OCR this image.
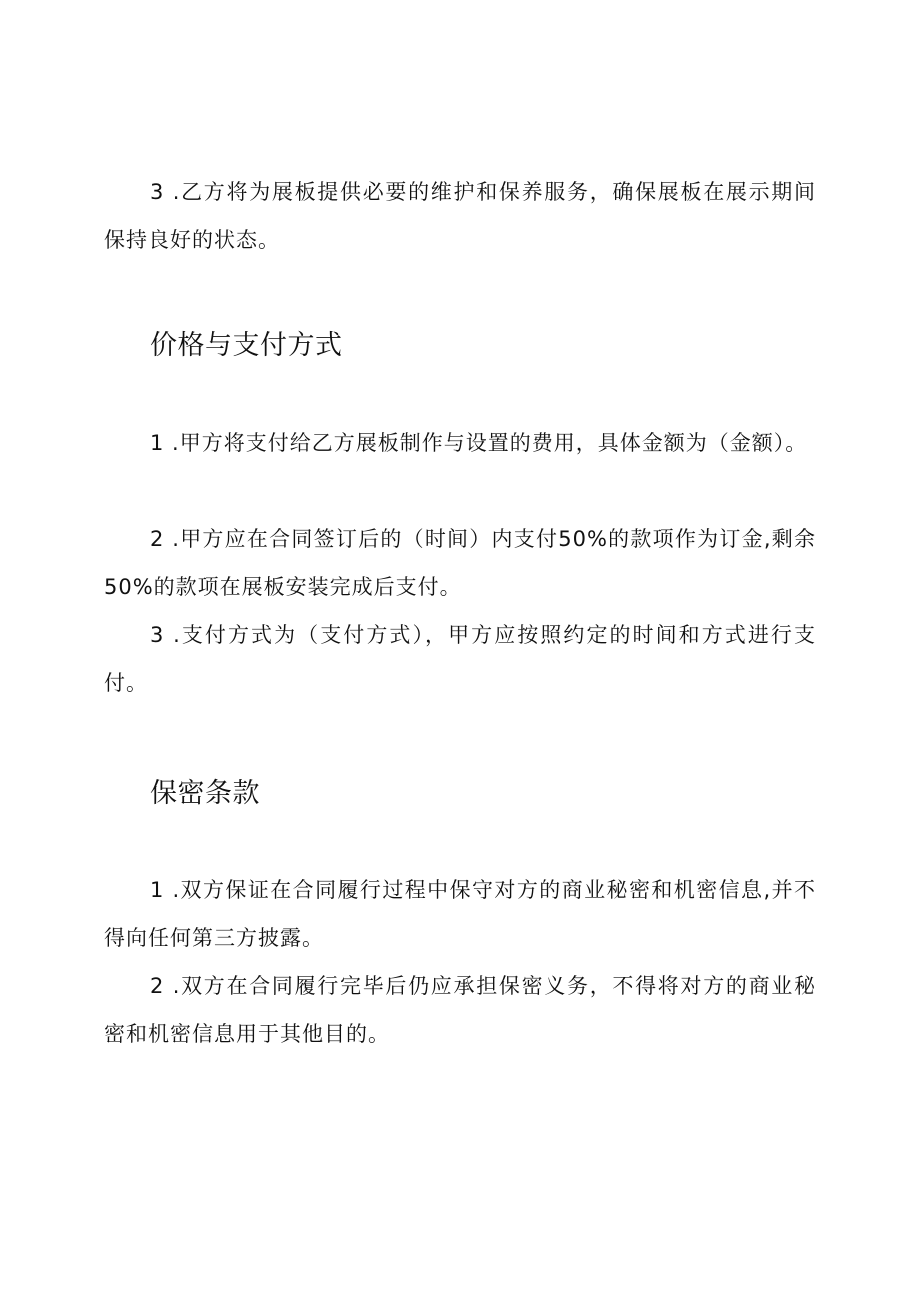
3 .乙方将为展板提供必要的维护和保养服务，确保展板在展示期间保持良好的状态。

价格与支付方式

1 .甲方将支付给乙方展板制作与设置的费用，具体金额为（金额）。

2 .甲方应在合同签订后的（时间）内支付50%的款项作为订金,剩余50%的款项在展板安装完成后支付。

3 .支付方式为（支付方式），甲方应按照约定的时间和方式进行支付。

保密条款

1 .双方保证在合同履行过程中保守对方的商业秘密和机密信息,并不得向任何第三方披露。

2 .双方在合同履行完毕后仍应承担保密义务，不得将对方的商业秘密和机密信息用于其他目的。
